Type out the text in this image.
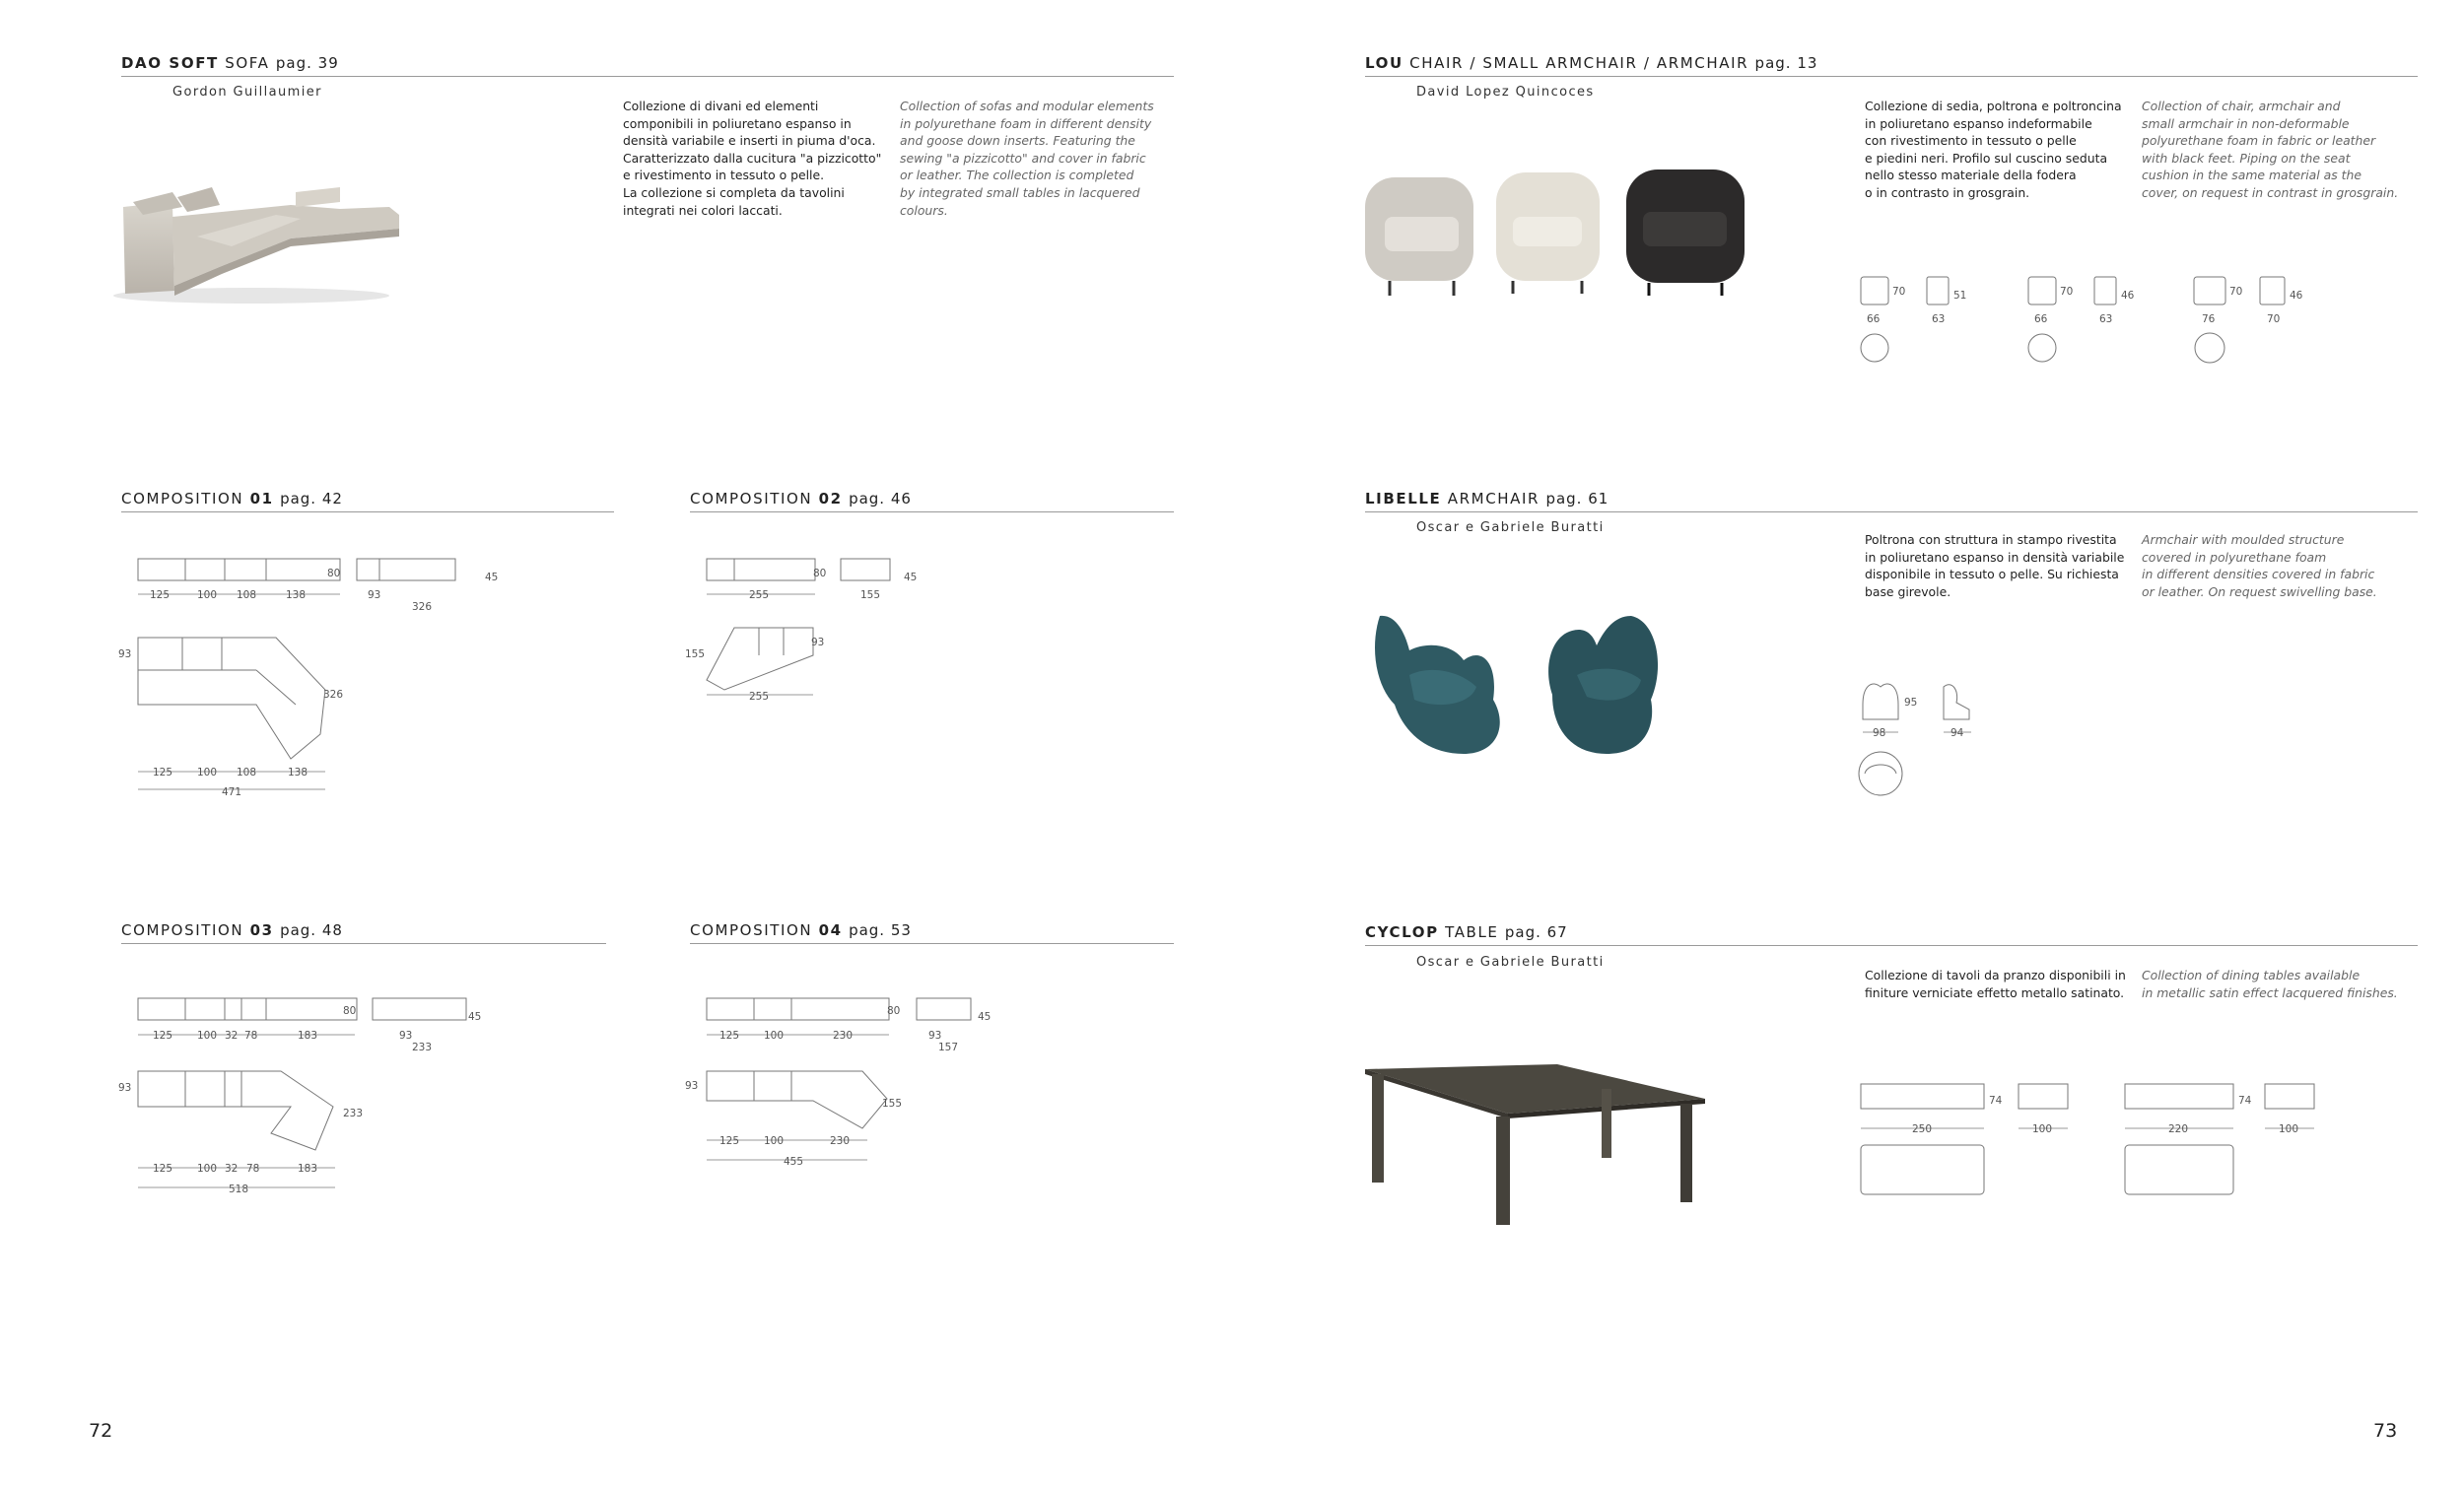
DAO SOFT SOFA pag. 39
Gordon Guillaumier
Collezione di divani ed elementi
componibili in poliuretano espanso in
densità variabile e inserti in piuma d'oca.
Caratterizzato dalla cucitura "a pizzicotto"
e rivestimento in tessuto o pelle.
La collezione si completa da tavolini
integrati nei colori laccati.
Collection of sofas and modular elements
in polyurethane foam in different density
and goose down inserts. Featuring the
sewing "a pizzicotto" and cover in fabric
or leather. The collection is completed
by integrated small tables in lacquered
colours.
COMPOSITION 01 pag. 42
125	100 108	138
80
93
326
45
93
326
125 100 108	138
471
COMPOSITION 02 pag. 46
255
80
155
45
155
93
255
COMPOSITION 03 pag. 48
125 100 32 78	183
80
93
233
45
93
233
125 100 32 78	183
518
COMPOSITION 04 pag. 53
125 100	230
80
93
157
45
93
155
125 100	230
455
72
LOU CHAIR / SMALL ARMCHAIR / ARMCHAIR pag. 13
David Lopez Quincoces
Collezione di sedia, poltrona e poltroncina
in poliuretano espanso indeformabile
con rivestimento in tessuto o pelle
e piedini neri. Profilo sul cuscino seduta
nello stesso materiale della fodera
o in contrasto in grosgrain.
Collection of chair, armchair and
small armchair in non-deformable
polyurethane foam in fabric or leather
with black feet. Piping on the seat
cushion in the same material as the
cover, on request in contrast in grosgrain.
70	51
66	63
70	46
66	63
70	46
76	70
LIBELLE ARMCHAIR pag. 61
Oscar e Gabriele Buratti
Poltrona con struttura in stampo rivestita
in poliuretano espanso in densità variabile
disponibile in tessuto o pelle. Su richiesta
base girevole.
Armchair with moulded structure
covered in polyurethane foam
in different densities covered in fabric
or leather. On request swivelling base.
95
98	94
CYCLOP TABLE pag. 67
Oscar e Gabriele Buratti
Collezione di tavoli da pranzo disponibili in
finiture verniciate effetto metallo satinato.
Collection of dining tables available
in metallic satin effect lacquered finishes.
74
250	100
74
220	100
73
